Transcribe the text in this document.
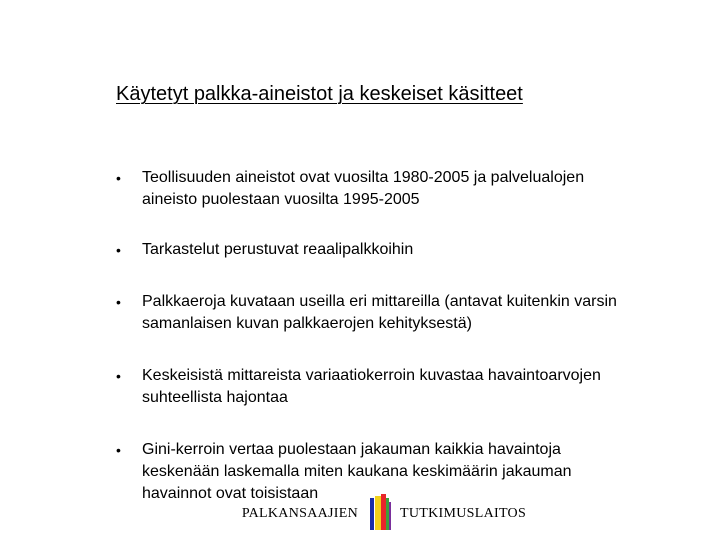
Käytetyt palkka-aineistot ja keskeiset käsitteet
• Teollisuuden aineistot ovat vuosilta 1980-2005 ja palvelualojen
aineisto puolestaan vuosilta 1995-2005
• Tarkastelut perustuvat reaalipalkkoihin
• Palkkaeroja kuvataan useilla eri mittareilla (antavat kuitenkin varsin
samanlaisen kuvan palkkaerojen kehityksestä)
• Keskeisistä mittareista variaatiokerroin kuvastaa havaintoarvojen
suhteellista hajontaa
• Gini-kerroin vertaa puolestaan jakauman kaikkia havaintoja
keskenään laskemalla miten kaukana keskimäärin jakauman
havainnot ovat toisistaan
PALKANSAAJIEN	TUTKIMUSLAITOS
